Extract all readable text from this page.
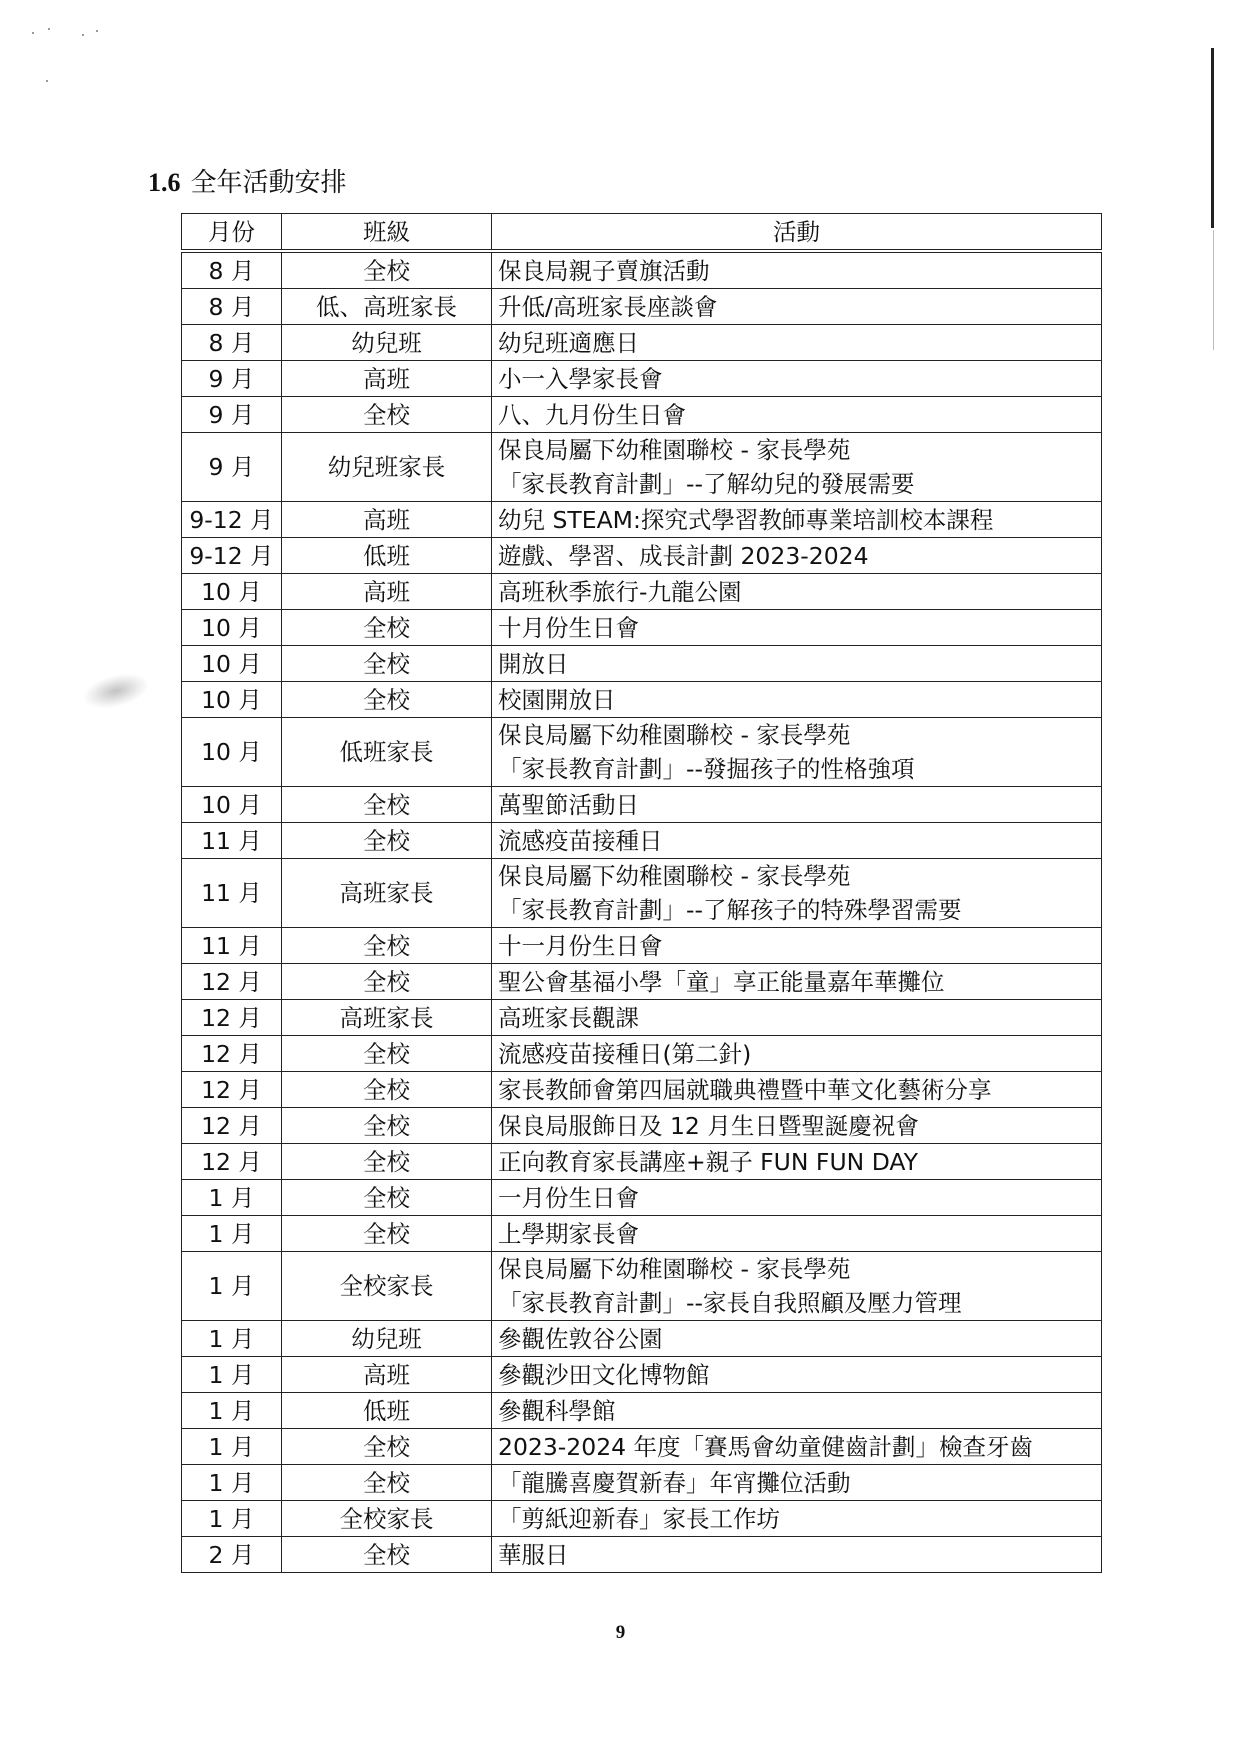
1.6 全年活動安排
月份	班級	活動
8 月	全校	保良局親子賣旗活動

8 月	低、高班家長	升低/高班家長座談會

8 月	幼兒班	幼兒班適應日

9 月	高班	小一入學家長會

9 月	全校	八、九月份生日會

9 月	幼兒班家長	保良局屬下幼稚園聯校 - 家長學苑
「家長教育計劃」--了解幼兒的發展需要

9-12 月	高班	幼兒 STEAM:探究式學習教師專業培訓校本課程

9-12 月	低班	遊戲、學習、成長計劃 2023-2024

10 月	高班	高班秋季旅行-九龍公園

10 月	全校	十月份生日會

10 月	全校	開放日

10 月	全校	校園開放日

10 月	低班家長	保良局屬下幼稚園聯校 - 家長學苑
「家長教育計劃」--發掘孩子的性格強項

10 月	全校	萬聖節活動日

11 月	全校	流感疫苗接種日

11 月	高班家長	保良局屬下幼稚園聯校 - 家長學苑
「家長教育計劃」--了解孩子的特殊學習需要

11 月	全校	十一月份生日會

12 月	全校	聖公會基福小學「童」享正能量嘉年華攤位

12 月	高班家長	高班家長觀課

12 月	全校	流感疫苗接種日(第二針)

12 月	全校	家長教師會第四屆就職典禮暨中華文化藝術分享

12 月	全校	保良局服飾日及 12 月生日暨聖誕慶祝會

12 月	全校	正向教育家長講座+親子 FUN FUN DAY

1 月	全校	一月份生日會

1 月	全校	上學期家長會

1 月	全校家長	保良局屬下幼稚園聯校 - 家長學苑
「家長教育計劃」--家長自我照顧及壓力管理

1 月	幼兒班	參觀佐敦谷公園

1 月	高班	參觀沙田文化博物館

1 月	低班	參觀科學館

1 月	全校	2023-2024 年度「賽馬會幼童健齒計劃」檢查牙齒

1 月	全校	「龍騰喜慶賀新春」年宵攤位活動

1 月	全校家長	「剪紙迎新春」家長工作坊

2 月	全校	華服日
9
